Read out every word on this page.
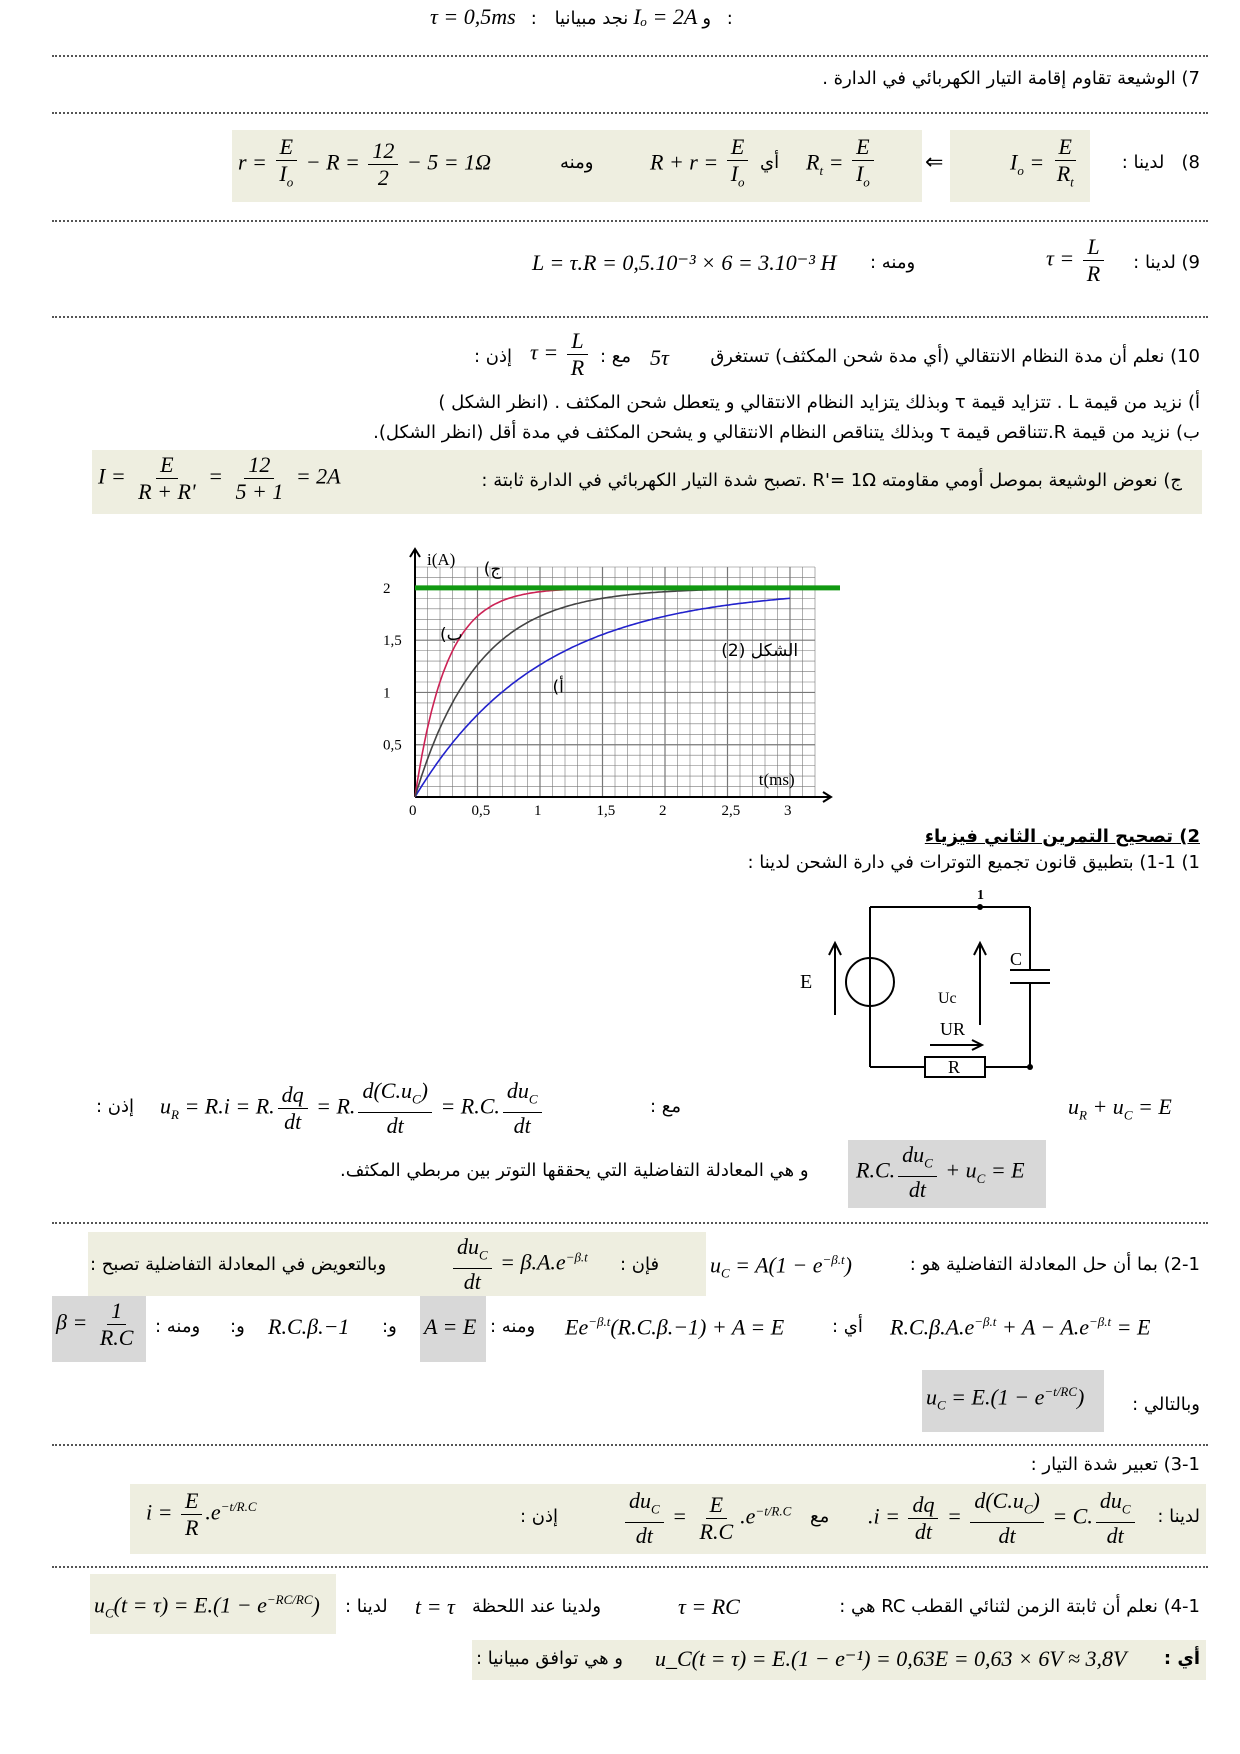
τ = 0,5ms :	و Iₒ = 2A نجد مبيانيا :
7) الوشيعة تقاوم إقامة التيار الكهربائي في الدارة .
$r = \frac{E}{I_o} - R = \frac{12}{2} - 5 = 1\Omega$	ومنه	$R + r = \frac{E}{I_o}$ أي $R_t = \frac{E}{I_o}$ ⇐	$I_o = \frac{E}{R_t}$	8)   لدينا :
L = τ.R = 0,5.10⁻³ × 6 = 3.10⁻³ H ومنه :	$\tau = \frac{L}{R} 9$) لدينا :
10) نعلم أن مدة النظام الانتقالي (أي مدة شحن المكثف) تستغرق
5τ
مع :
$\tau = \frac{L}{R}$
إذن :
أ) نزيد من قيمة L . تتزايد قيمة τ وبذلك يتزايد النظام الانتقالي و يتعطل شحن المكثف . (انظر الشكل )
ب) نزيد من قيمة R.تتناقص قيمة τ وبذلك يتناقص النظام الانتقالي و يشحن المكثف في مدة أقل (انظر الشكل).
ج) نعوض الوشيعة بموصل أومي مقاومته R'= 1Ω .تصبح شدة التيار الكهربائي في الدارة ثابتة :
$I = \frac{E}{R + R'} = \frac{12}{5 + 1} = 2A$
0	0,5	1	1,5	2	2,5	3
0,5
1
1,5
2
i(A)
t(ms)
(أ
(ب
(ج
الشكل (2)
2) تصحيح التمرين الثاني فيزياء
1) 1-1) بتطبيق قانون تجميع التوترات في دارة الشحن لدينا :
E
C
Uc
UR
R
1
$u_R + u_C = E$
مع :
$u_R = R.i = R$. $\frac{dq}{dt} = R$. $\frac{d(C.u_C)}{dt} = R.C$. $\frac{du_C}{dt}$
إذن :
R.C. $\frac{du_C}{dt} + u_C = E$
و هي المعادلة التفاضلية التي يحققها التوتر بين مربطي المكثف.
2-1) بما أن حل المعادلة التفاضلية هو :
$u_C = A(1 - e^{-\beta.t})$
فإن :
$\frac{du_C}{dt} = \beta.A.e^{-\beta.t}$
وبالتعويض في المعادلة التفاضلية تصبح :
$R.C.\beta.A.e^{-\beta.t} + A - A.e^{-\beta.t} = E$
أي :
$Ee^{-\beta.t}(R.C.\beta.-1) + A = E$
ومنه :
A = E
و:
R.C.β.−1
و:
ومنه :
$\beta = \frac{1}{R.C}$
$u_C = E.(1 - e^{-t/RC})$	وبالتالي :
3-1) تعبير شدة التيار :
لدينا :
$.i = \frac{dq}{dt} = \frac{d(C.u_C)}{dt} = C$. $\frac{du_C}{dt}$
مع
$\frac{du_C}{dt} = \frac{E}{R.C} .e^{-t/R.C}$
إذن :
$i = \frac{E}{R} .e^{-t/R.C}$
4-1) نعلم أن ثابتة الزمن لثنائي القطب RC هي :
τ = RC
ولدينا عند اللحظة
t = τ
لدينا :
$u_C(t = \tau) = E.(1 - e^{-RC/RC})$
أي :
u_C(t = τ) = E.(1 − e⁻¹) = 0,63E = 0,63 × 6V ≈ 3,8V
و هي توافق مبيانيا :
